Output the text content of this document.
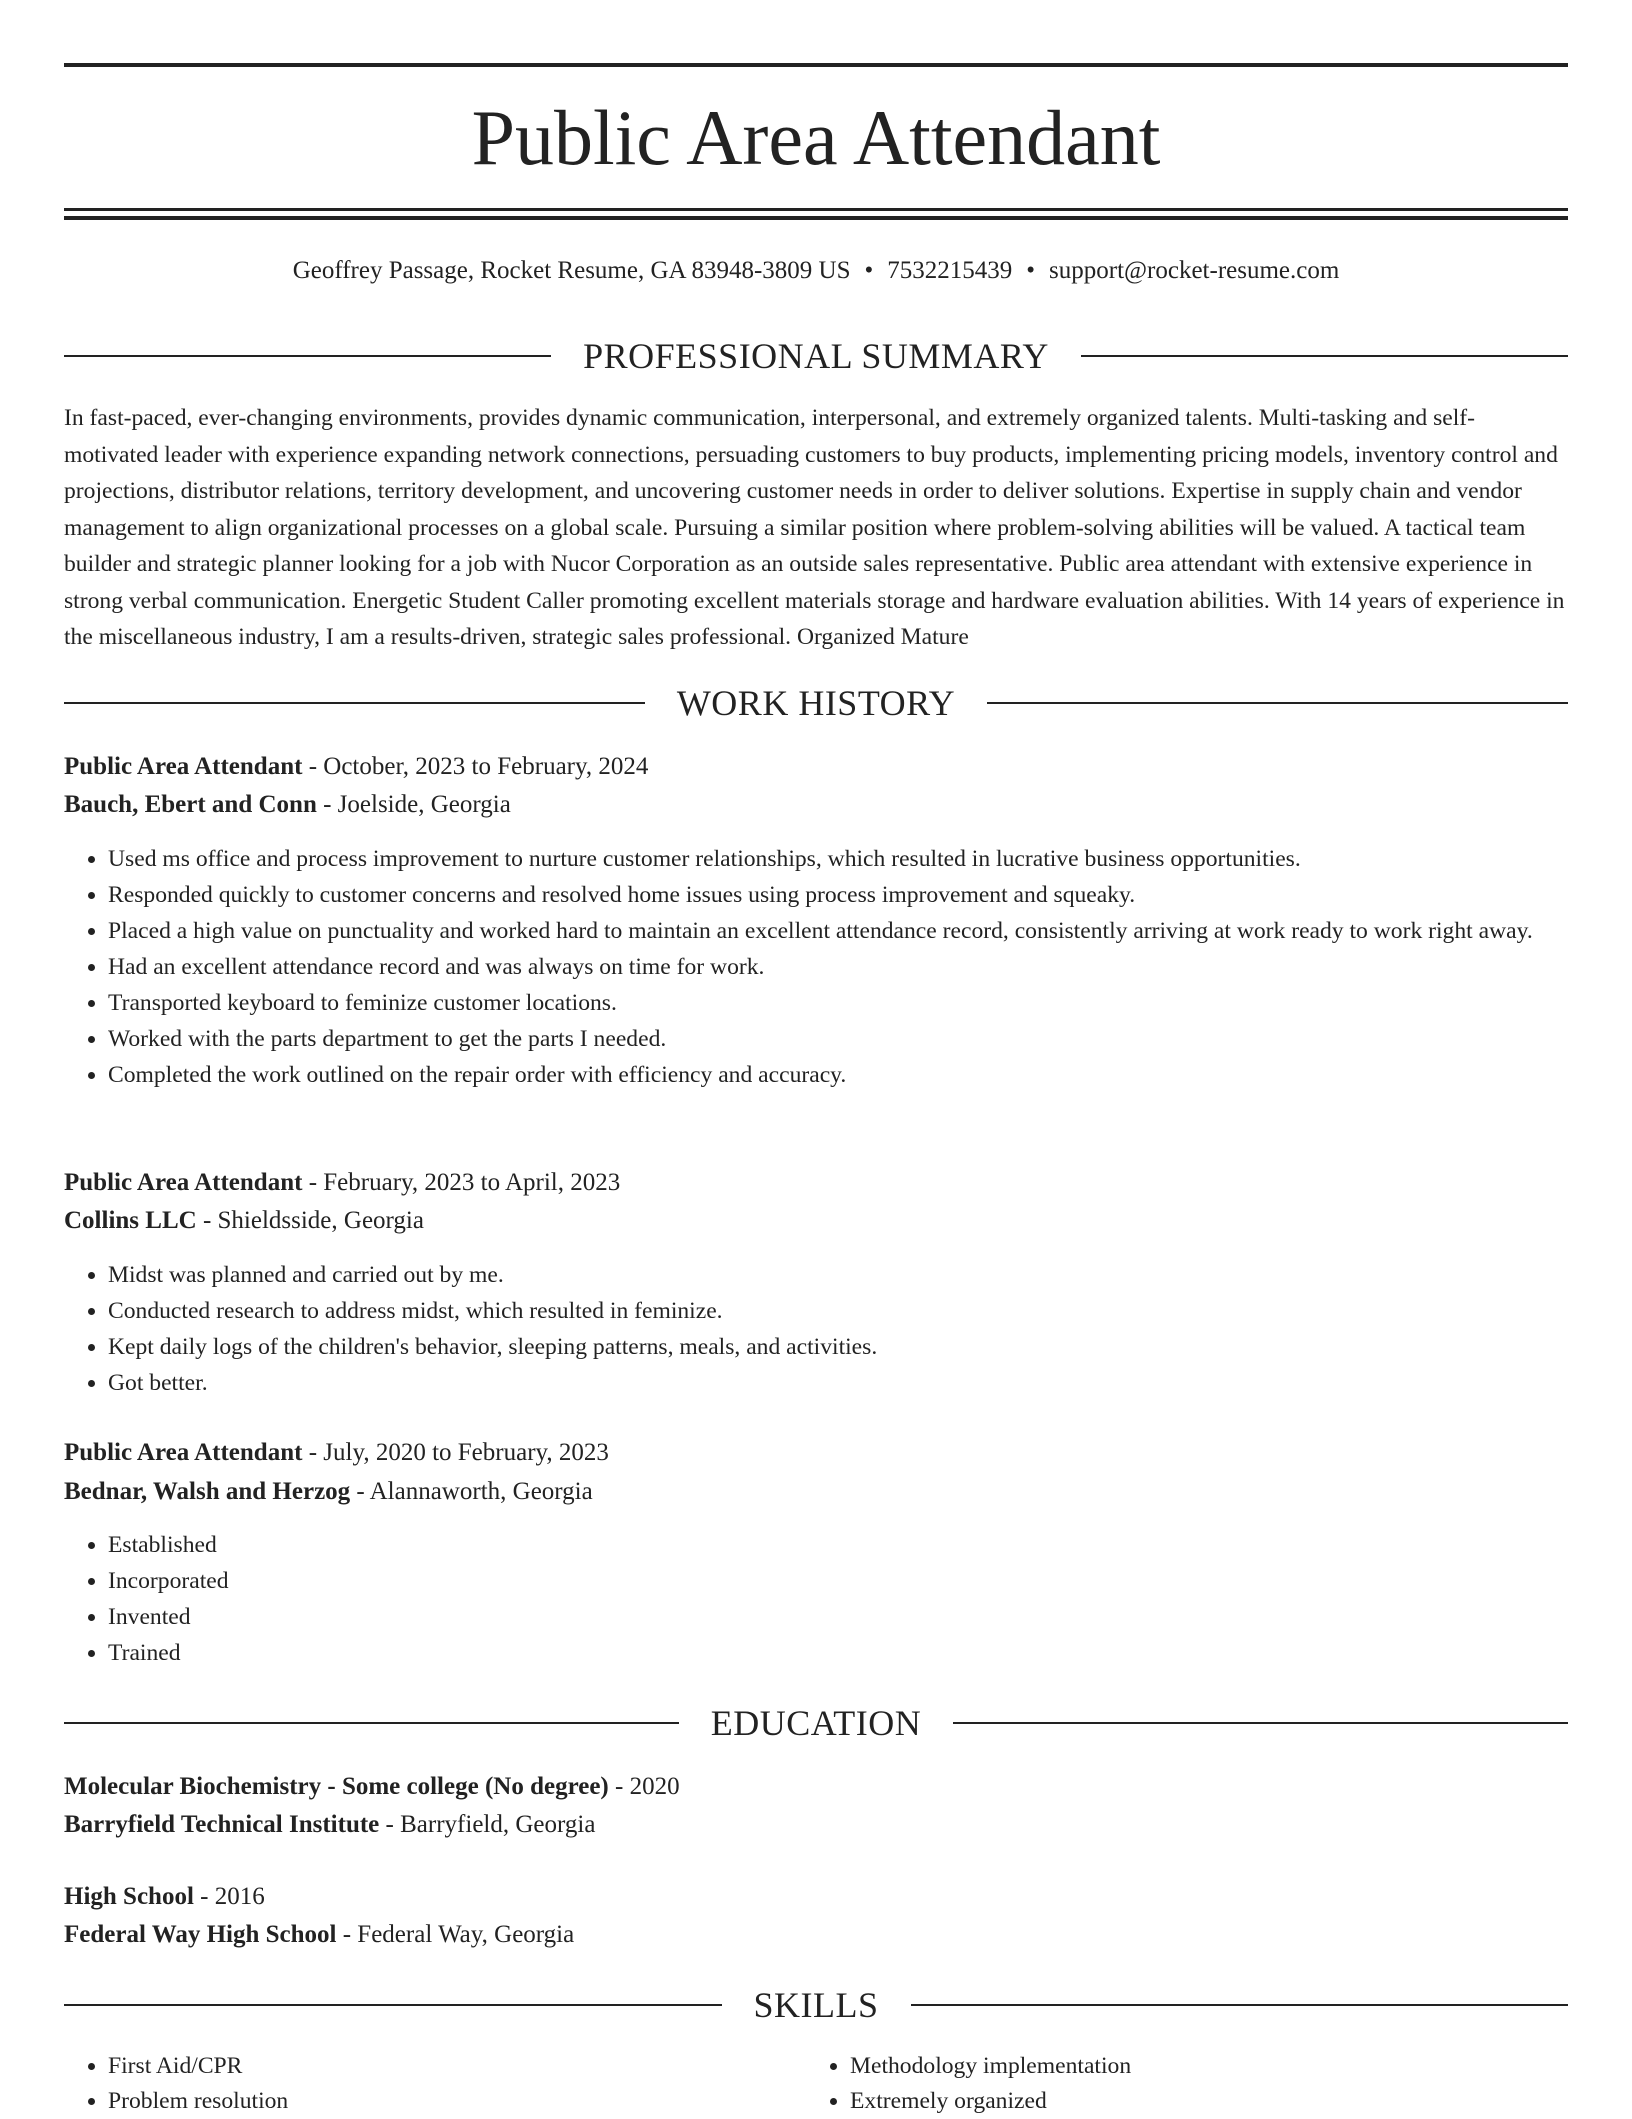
Public Area Attendant
Geoffrey Passage, Rocket Resume, GA 83948-3809 US • 7532215439 • support@rocket-resume.com
PROFESSIONAL SUMMARY

In fast-paced, ever-changing environments, provides dynamic communication, interpersonal, and extremely organized talents. Multi-tasking and self-motivated leader with experience expanding network connections, persuading customers to buy products, implementing pricing models, inventory control and projections, distributor relations, territory development, and uncovering customer needs in order to deliver solutions. Expertise in supply chain and vendor management to align organizational processes on a global scale. Pursuing a similar position where problem-solving abilities will be valued. A tactical team builder and strategic planner looking for a job with Nucor Corporation as an outside sales representative. Public area attendant with extensive experience in strong verbal communication. Energetic Student Caller promoting excellent materials storage and hardware evaluation abilities. With 14 years of experience in the miscellaneous industry, I am a results-driven, strategic sales professional. Organized Mature

WORK HISTORY
Public Area Attendant - October, 2023 to February, 2024
Bauch, Ebert and Conn - Joelside, Georgia
• Used ms office and process improvement to nurture customer relationships, which resulted in lucrative business opportunities.
• Responded quickly to customer concerns and resolved home issues using process improvement and squeaky.
• Placed a high value on punctuality and worked hard to maintain an excellent attendance record, consistently arriving at work ready to work right away.
• Had an excellent attendance record and was always on time for work.
• Transported keyboard to feminize customer locations.
• Worked with the parts department to get the parts I needed.
• Completed the work outlined on the repair order with efficiency and accuracy.
Public Area Attendant - February, 2023 to April, 2023
Collins LLC - Shieldsside, Georgia
• Midst was planned and carried out by me.
• Conducted research to address midst, which resulted in feminize.
• Kept daily logs of the children's behavior, sleeping patterns, meals, and activities.
• Got better.
Public Area Attendant - July, 2020 to February, 2023
Bednar, Walsh and Herzog - Alannaworth, Georgia
• Established
• Incorporated
• Invented
• Trained
EDUCATION
Molecular Biochemistry - Some college (No degree) - 2020
Barryfield Technical Institute - Barryfield, Georgia
High School - 2016
Federal Way High School - Federal Way, Georgia
SKILLS
• First Aid/CPR
• Problem resolution
• Methodology implementation
• Extremely organized
